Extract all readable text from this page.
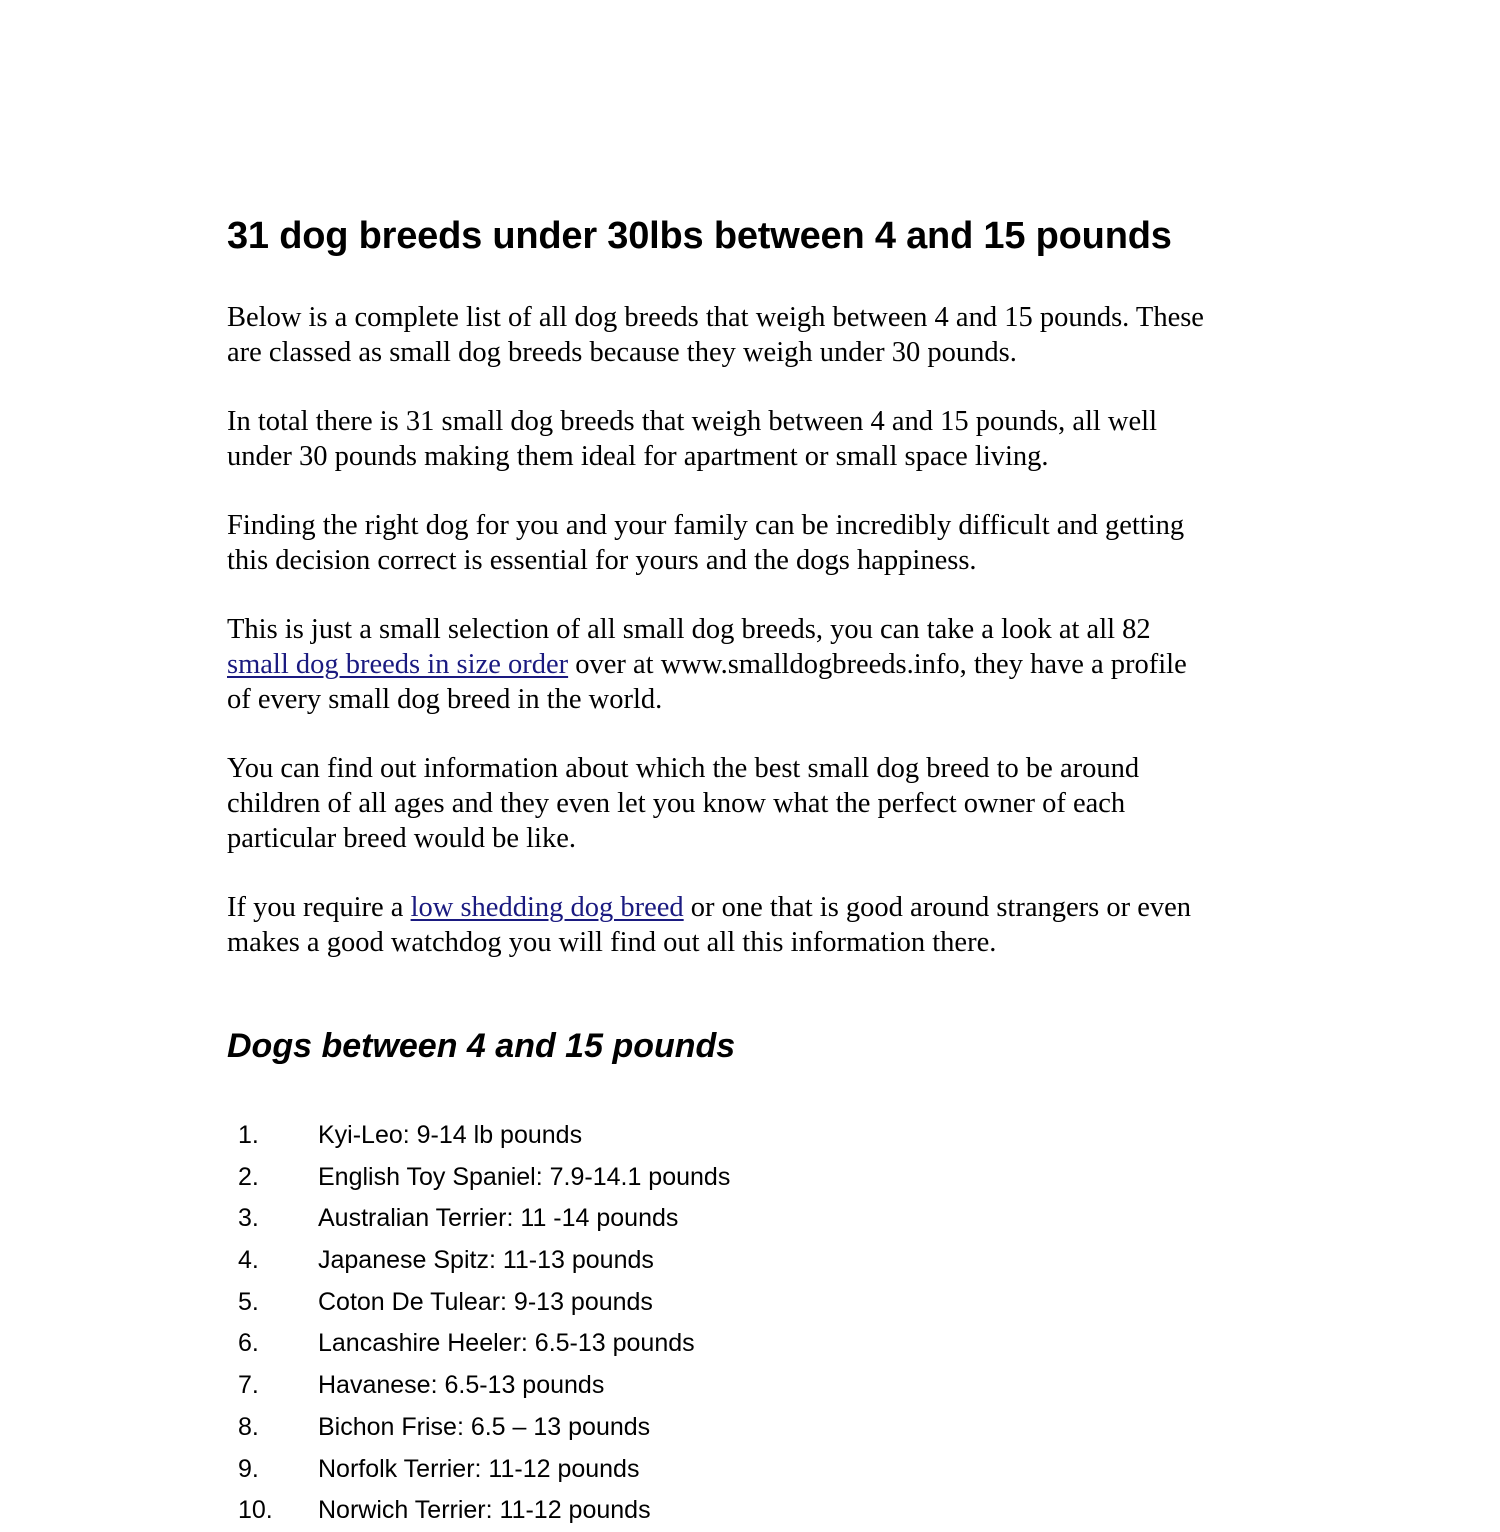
31 dog breeds under 30lbs between 4 and 15 pounds

Below is a complete list of all dog breeds that weigh between 4 and 15 pounds. These
are classed as small dog breeds because they weigh under 30 pounds.

In total there is 31 small dog breeds that weigh between 4 and 15 pounds, all well
under 30 pounds making them ideal for apartment or small space living.

Finding the right dog for you and your family can be incredibly difficult and getting
this decision correct is essential for yours and the dogs happiness.

This is just a small selection of all small dog breeds, you can take a look at all 82
small dog breeds in size order over at www.smalldogbreeds.info, they have a profile
of every small dog breed in the world.

You can find out information about which the best small dog breed to be around
children of all ages and they even let you know what the perfect owner of each
particular breed would be like.

If you require a low shedding dog breed or one that is good around strangers or even
makes a good watchdog you will find out all this information there.

Dogs between 4 and 15 pounds
1. Kyi-Leo: 9-14 lb pounds
2. English Toy Spaniel: 7.9-14.1 pounds
3. Australian Terrier: 11 -14 pounds
4. Japanese Spitz: 11-13 pounds
5. Coton De Tulear: 9-13 pounds
6. Lancashire Heeler: 6.5-13 pounds
7. Havanese: 6.5-13 pounds
8. Bichon Frise: 6.5 – 13 pounds
9. Norfolk Terrier: 11-12 pounds
10. Norwich Terrier: 11-12 pounds
